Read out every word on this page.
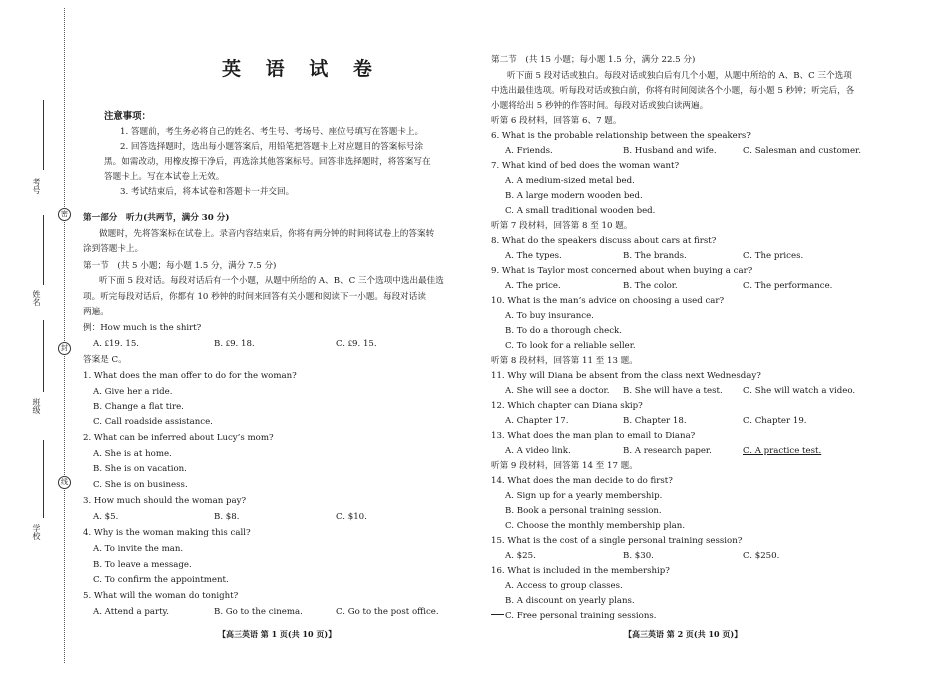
考号
姓名
班级
学校
密
封
线
英 语 试 卷
注意事项：
1. 答题前，考生务必将自己的姓名、考生号、考场号、座位号填写在答题卡上。
2. 回答选择题时，选出每小题答案后，用铅笔把答题卡上对应题目的答案标号涂
黑。如需改动，用橡皮擦干净后，再选涂其他答案标号。回答非选择题时，将答案写在
答题卡上。写在本试卷上无效。
3. 考试结束后，将本试卷和答题卡一并交回。
第一部分　听力(共两节，满分 30 分)
做题时，先将答案标在试卷上。录音内容结束后，你将有两分钟的时间将试卷上的答案转
涂到答题卡上。
第一节　(共 5 小题；每小题 1.5 分，满分 7.5 分)
听下面 5 段对话。每段对话后有一个小题，从题中所给的 A、B、C 三个选项中选出最佳选
项。听完每段对话后，你都有 10 秒钟的时间来回答有关小题和阅读下一小题。每段对话读
两遍。
例：How much is the shirt?
A. ₤19. 15.	B. ₤9. 18.	C. ₤9. 15.
答案是 C。
1. What does the man offer to do for the woman?
A. Give her a ride.
B. Change a flat tire.
C. Call roadside assistance.
2. What can be inferred about Lucy’s mom?
A. She is at home.
B. She is on vacation.
C. She is on business.
3. How much should the woman pay?
A. $5.	B. $8.	C. $10.
4. Why is the woman making this call?
A. To invite the man.
B. To leave a message.
C. To confirm the appointment.
5. What will the woman do tonight?
A. Attend a party.	B. Go to the cinema.	C. Go to the post office.
【高三英语 第 1 页(共 10 页)】
第二节　(共 15 小题；每小题 1.5 分，满分 22.5 分)
听下面 5 段对话或独白。每段对话或独白后有几个小题，从题中所给的 A、B、C 三个选项
中选出最佳选项。听每段对话或独白前，你将有时间阅读各个小题，每小题 5 秒钟；听完后，各
小题将给出 5 秒钟的作答时间。每段对话或独白读两遍。
听第 6 段材料，回答第 6、7 题。
6. What is the probable relationship between the speakers?
A. Friends.	B. Husband and wife.	C. Salesman and customer.
7. What kind of bed does the woman want?
A. A medium-sized metal bed.
B. A large modern wooden bed.
C. A small traditional wooden bed.
听第 7 段材料，回答第 8 至 10 题。
8. What do the speakers discuss about cars at first?
A. The types.	B. The brands.	C. The prices.
9. What is Taylor most concerned about when buying a car?
A. The price.	B. The color.	C. The performance.
10. What is the man’s advice on choosing a used car?
A. To buy insurance.
B. To do a thorough check.
C. To look for a reliable seller.
听第 8 段材料，回答第 11 至 13 题。
11. Why will Diana be absent from the class next Wednesday?
A. She will see a doctor. B. She will have a test. C. She will watch a video.
12. Which chapter can Diana skip?
A. Chapter 17.	B. Chapter 18.	C. Chapter 19.
13. What does the man plan to email to Diana?
A. A video link.	B. A research paper.	C. A practice test.
听第 9 段材料，回答第 14 至 17 题。
14. What does the man decide to do first?
A. Sign up for a yearly membership.
B. Book a personal training session.
C. Choose the monthly membership plan.
15. What is the cost of a single personal training session?
A. $25.	B. $30.	C. $250.
16. What is included in the membership?
A. Access to group classes.
B. A discount on yearly plans.
C. Free personal training sessions.
【高三英语 第 2 页(共 10 页)】
